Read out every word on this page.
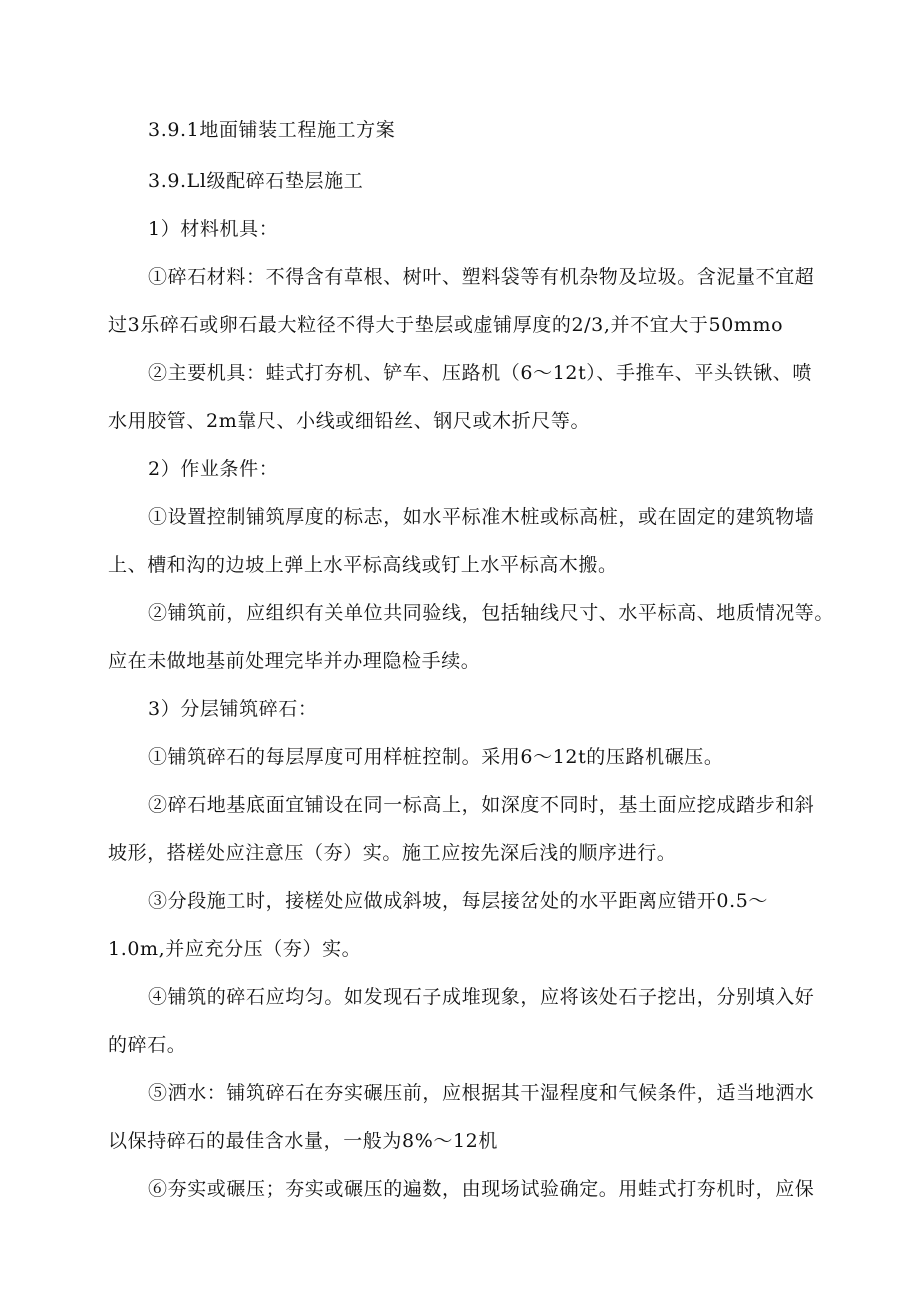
3.9.1地面铺装工程施工方案
3.9.Ll级配碎石垫层施工
1）材料机具：
①碎石材料：不得含有草根、树叶、塑料袋等有机杂物及垃圾。含泥量不宜超
过3乐碎石或卵石最大粒径不得大于垫层或虚铺厚度的2/3,并不宜大于50mmo
②主要机具：蛙式打夯机、铲车、压路机（6～12t）、手推车、平头铁锹、喷
水用胶管、2m靠尺、小线或细铅丝、钢尺或木折尺等。
2）作业条件：
①设置控制铺筑厚度的标志，如水平标准木桩或标高桩，或在固定的建筑物墙
上、槽和沟的边坡上弹上水平标高线或钉上水平标高木搬。
②铺筑前，应组织有关单位共同验线，包括轴线尺寸、水平标高、地质情况等。
应在未做地基前处理完毕并办理隐检手续。
3）分层铺筑碎石：
①铺筑碎石的每层厚度可用样桩控制。采用6～12t的压路机碾压。
②碎石地基底面宜铺设在同一标高上，如深度不同时，基土面应挖成踏步和斜
坡形，搭槎处应注意压（夯）实。施工应按先深后浅的顺序进行。
③分段施工时，接槎处应做成斜坡，每层接岔处的水平距离应错开0.5～
1.0m,并应充分压（夯）实。
④铺筑的碎石应均匀。如发现石子成堆现象，应将该处石子挖出，分别填入好
的碎石。
⑤洒水：铺筑碎石在夯实碾压前，应根据其干湿程度和气候条件，适当地洒水
以保持碎石的最佳含水量，一般为8%～12机
⑥夯实或碾压；夯实或碾压的遍数，由现场试验确定。用蛙式打夯机时，应保
